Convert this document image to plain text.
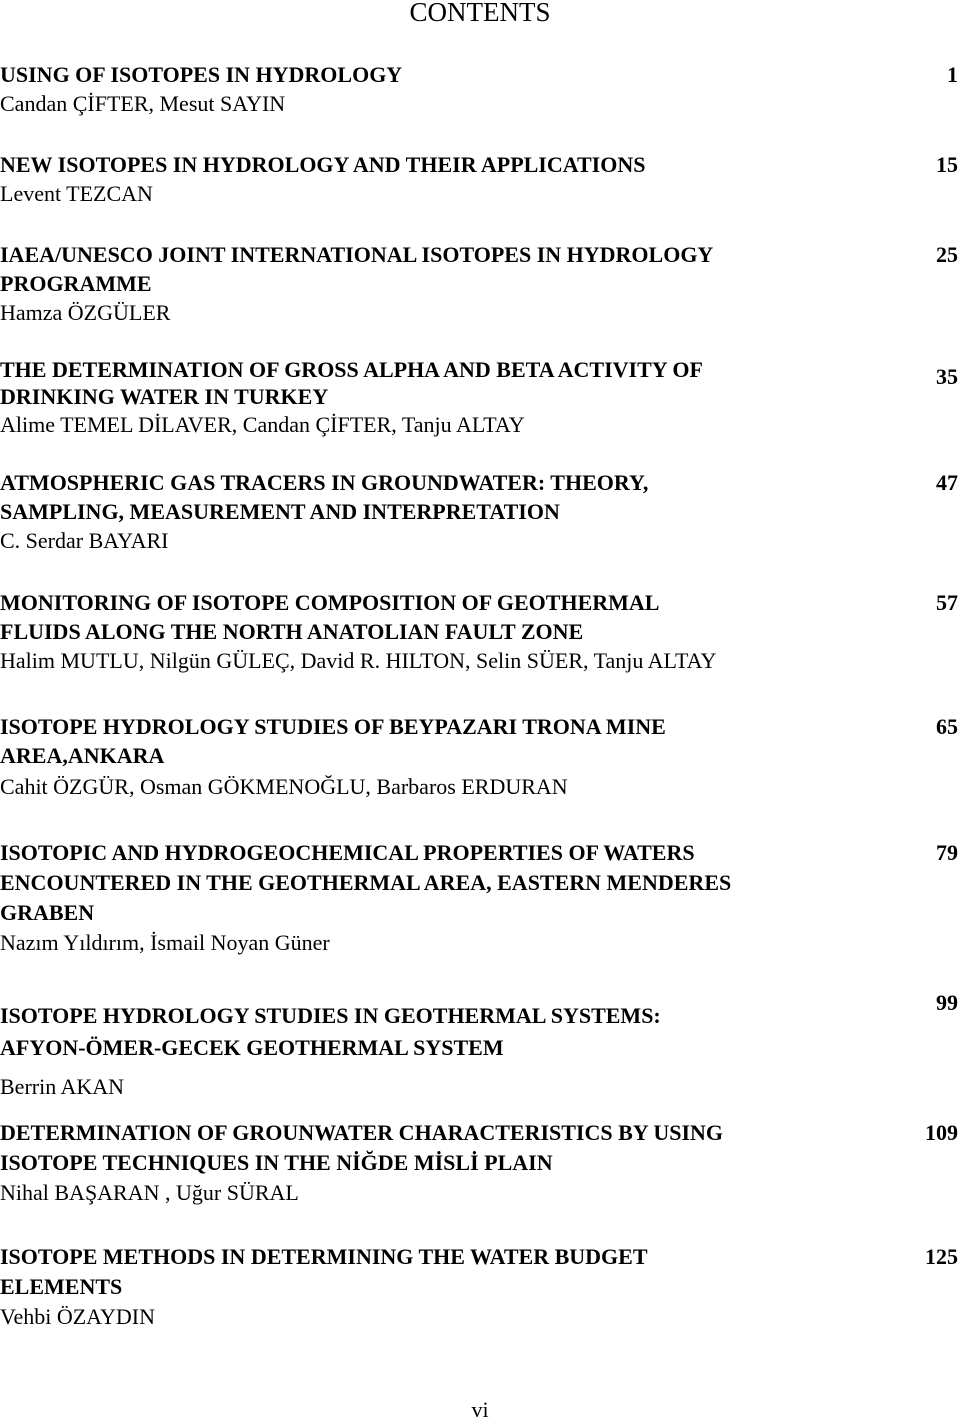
CONTENTS
USING OF ISOTOPES IN HYDROLOGY
Candan ÇİFTER, Mesut SAYIN
1
NEW ISOTOPES IN HYDROLOGY AND THEIR APPLICATIONS
Levent TEZCAN
15
IAEA/UNESCO JOINT INTERNATIONAL ISOTOPES IN HYDROLOGY
PROGRAMME
Hamza ÖZGÜLER
25
THE DETERMINATION OF GROSS ALPHA AND BETA ACTIVITY OF
DRINKING WATER IN TURKEY
Alime TEMEL DİLAVER, Candan ÇİFTER, Tanju ALTAY
35
ATMOSPHERIC GAS TRACERS IN GROUNDWATER: THEORY,
SAMPLING, MEASUREMENT AND INTERPRETATION
C. Serdar BAYARI
47
MONITORING OF ISOTOPE COMPOSITION OF GEOTHERMAL
FLUIDS ALONG THE NORTH ANATOLIAN FAULT ZONE
Halim MUTLU, Nilgün GÜLEÇ, David R. HILTON, Selin SÜER, Tanju ALTAY
57
ISOTOPE HYDROLOGY STUDIES OF BEYPAZARI TRONA MINE
AREA,ANKARA
Cahit ÖZGÜR, Osman GÖKMENOĞLU, Barbaros ERDURAN
65
ISOTOPIC AND HYDROGEOCHEMICAL PROPERTIES OF WATERS
ENCOUNTERED IN THE GEOTHERMAL AREA, EASTERN MENDERES
GRABEN
Nazım Yıldırım, İsmail Noyan Güner
79
ISOTOPE HYDROLOGY STUDIES IN GEOTHERMAL SYSTEMS:
AFYON-ÖMER-GECEK GEOTHERMAL SYSTEM
Berrin AKAN
99
DETERMINATION OF GROUNWATER CHARACTERISTICS BY USING
ISOTOPE TECHNIQUES IN THE NİĞDE MİSLİ PLAIN
Nihal BAŞARAN , Uğur SÜRAL
109
ISOTOPE METHODS IN DETERMINING THE WATER BUDGET
ELEMENTS
Vehbi ÖZAYDIN
125
vi
